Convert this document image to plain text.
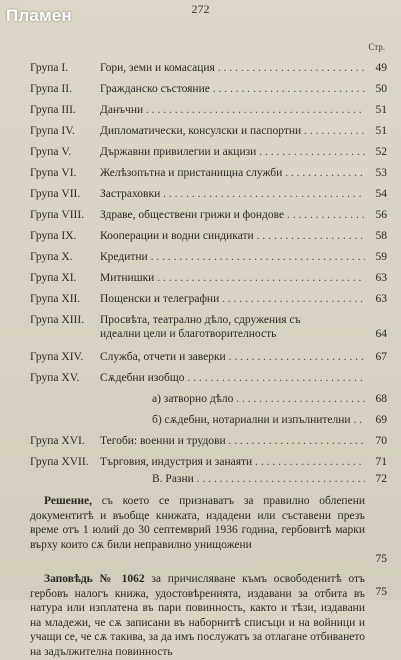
272
Стр.
Група I.	Гори, земи и комасация . . .	49
Група II. Гражданско състояние . . .	50
Група III. Данъчни . . .	51
Група IV. Дипломатически, консулски и паспортни . . .	51
Група V.	Държавни привилегии и акцизи . . .	52
Група VI. Желѣзопътна и пристанищна служби . . .	53
Група VII. Застраховки . . .	54
Група VIII. Здраве, обществени грижи и фондове . . .	56
Група IX. Кооперации и водни синдикати . . .	58
Група X. Кредитни . . .	59
Група XI. Митнишки . . .	63
Група XII. Пощенски и телеграфни . . .	63
Група XIII. Просвѣта, театрално дѣло, сдружения съ
идеални цели и благотворителность	64
Група XIV. Служба, отчети и заверки . . .	67
Група XV. Сѫдебни изобщо . . .
а) затворно дѣло . . .	68
б) сѫдебни, нотариални и изпълнителни . . .	69
Група XVI. Тегоби: военни и трудови . . .	70
Група XVII. Търговия, индустрия и занаяти . . .	71
В. Разни . . .	72
Решение, съ което се признаватъ за правилно облепени документитѣ и въобще книжата, издадени или съставени презъ време отъ 1 юлий до 30 септемврий 1936 година, гербовитѣ марки върху които сѫ били неправилно унищожени
75
Заповѣдь № 1062 за причисляване къмъ освободенитѣ отъ гербовъ налогъ книжа, удостовѣренията, издавани за отбита въ натура или изплатена въ пари повинность, както и тѣзи, издавани на младежи, че сѫ записани въ наборнитѣ списъци и на войници и учащи се, че сѫ такива, за да имъ послужатъ за отлагане отбиването на задължителна повинность
75
Пламен
